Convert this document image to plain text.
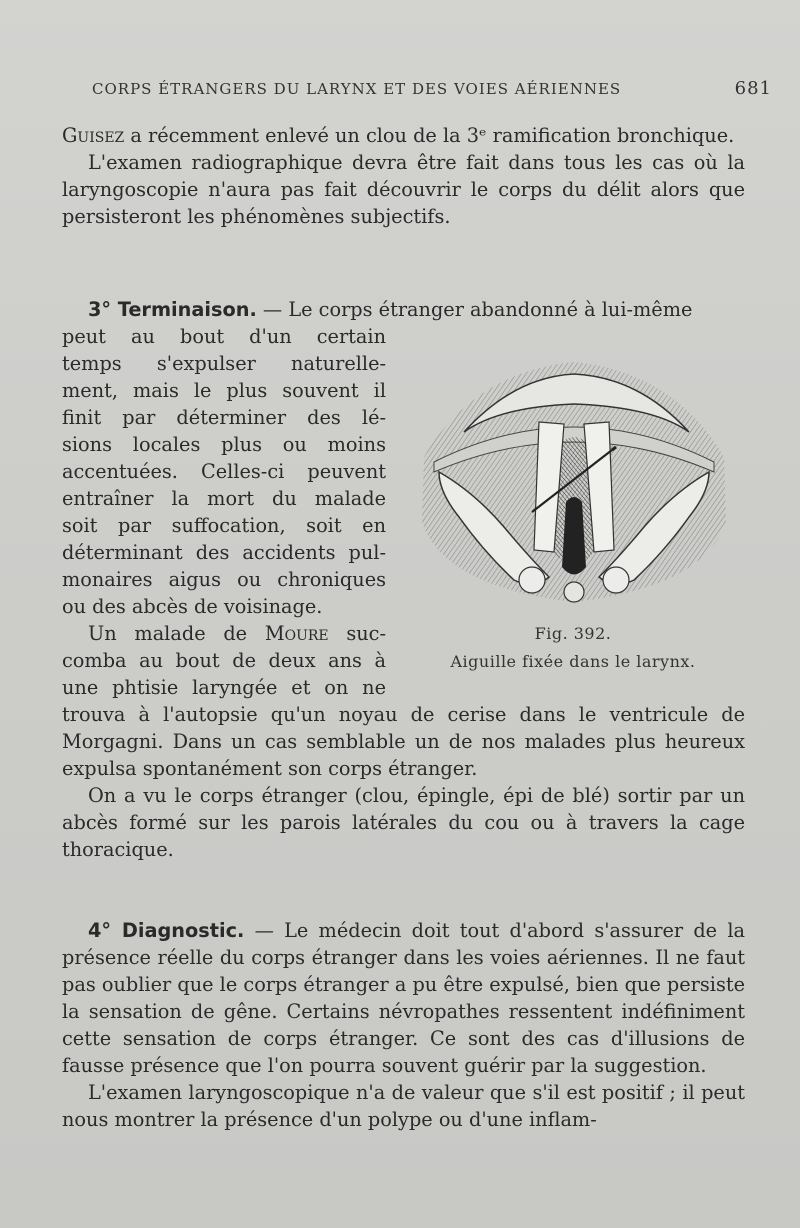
CORPS ÉTRANGERS DU LARYNX ET DES VOIES AÉRIENNES	681

Guisez a récemment enlevé un clou de la 3ᵉ ramification bronchique.

L'examen radiographique devra être fait dans tous les cas où la laryngoscopie n'aura pas fait découvrir le corps du délit alors que persisteront les phénomènes subjectifs.

3° Terminaison. — Le corps étranger abandonné à lui-même
peut au bout d'un certain
temps s'expulser naturelle-
ment, mais le plus souvent il
finit par déterminer des lé-
sions locales plus ou moins
accentuées. Celles-ci peuvent
entraîner la mort du malade
soit par suffocation, soit en
déterminant des accidents pul-
monaires aigus ou chroniques
ou des abcès de voisinage.
Un malade de Moure suc-
comba au bout de deux ans à
une phtisie laryngée et on ne

trouva à l'autopsie qu'un noyau de cerise dans le ventricule de Morgagni. Dans un cas semblable un de nos malades plus heureux expulsa spontanément son corps étranger.

On a vu le corps étranger (clou, épingle, épi de blé) sortir par un abcès formé sur les parois latérales du cou ou à travers la cage thoracique.

Fig. 392.
Aiguille fixée dans le larynx.

4° Diagnostic. — Le médecin doit tout d'abord s'assurer de la présence réelle du corps étranger dans les voies aériennes. Il ne faut pas oublier que le corps étranger a pu être expulsé, bien que persiste la sensation de gêne. Certains névropathes ressentent indéfiniment cette sensation de corps étranger. Ce sont des cas d'illusions de fausse présence que l'on pourra souvent guérir par la suggestion.

L'examen laryngoscopique n'a de valeur que s'il est positif ; il peut nous montrer la présence d'un polype ou d'une inflam-
